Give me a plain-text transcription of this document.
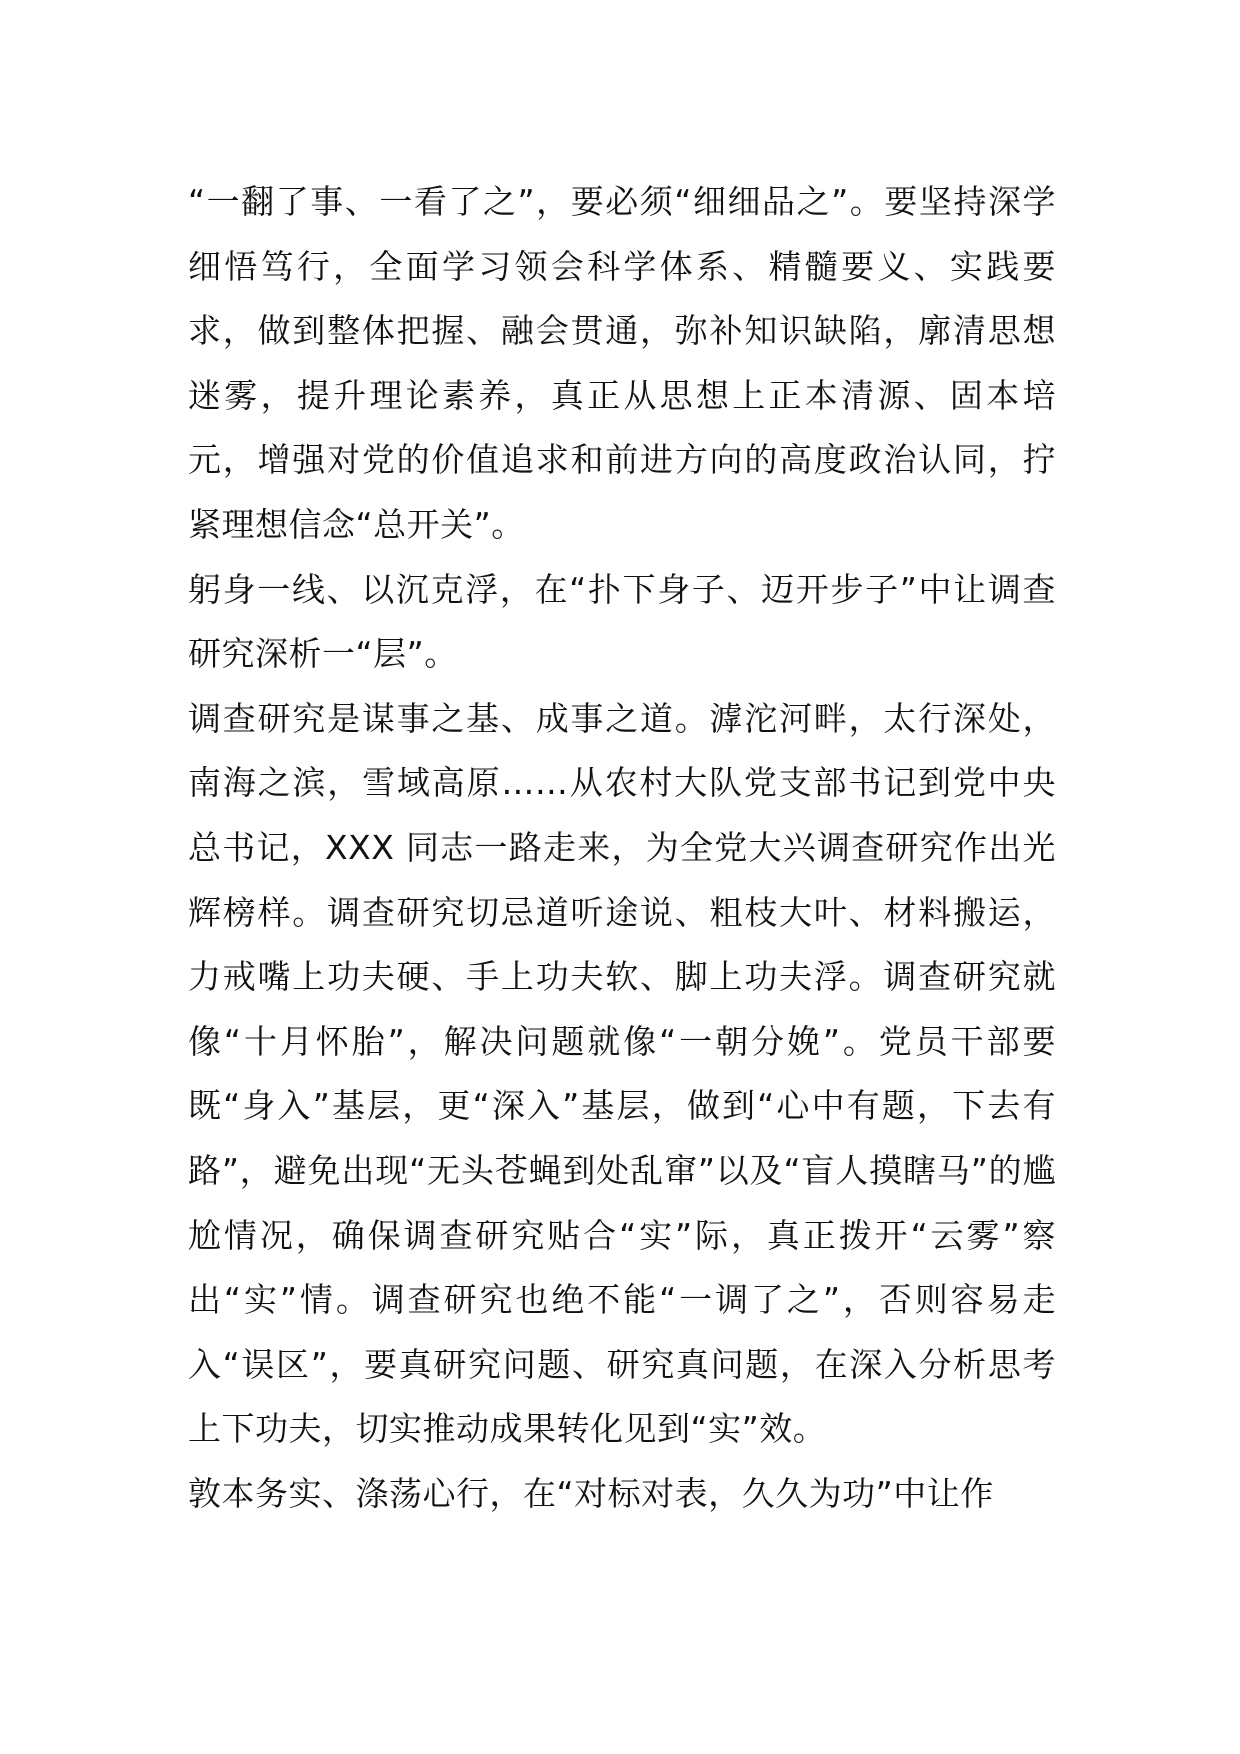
“一翻了事、一看了之”，要必须“细细品之”。要坚持深学细悟笃行，全面学习领会科学体系、精髓要义、实践要求，做到整体把握、融会贯通，弥补知识缺陷，廓清思想迷雾，提升理论素养，真正从思想上正本清源、固本培元，增强对党的价值追求和前进方向的高度政治认同，拧紧理想信念“总开关”。

躬身一线、以沉克浮，在“扑下身子、迈开步子”中让调查研究深析一“层”。

调查研究是谋事之基、成事之道。滹沱河畔，太行深处，南海之滨，雪域高原……从农村大队党支部书记到党中央总书记，XXX 同志一路走来，为全党大兴调查研究作出光辉榜样。调查研究切忌道听途说、粗枝大叶、材料搬运，力戒嘴上功夫硬、手上功夫软、脚上功夫浮。调查研究就像“十月怀胎”，解决问题就像“一朝分娩”。党员干部要既“身入”基层，更“深入”基层，做到“心中有题，下去有路”，避免出现“无头苍蝇到处乱窜”以及“盲人摸瞎马”的尴尬情况，确保调查研究贴合“实”际，真正拨开“云雾”察出“实”情。调查研究也绝不能“一调了之”，否则容易走入“误区”，要真研究问题、研究真问题，在深入分析思考上下功夫，切实推动成果转化见到“实”效。

敦本务实、涤荡心行，在“对标对表，久久为功”中让作
